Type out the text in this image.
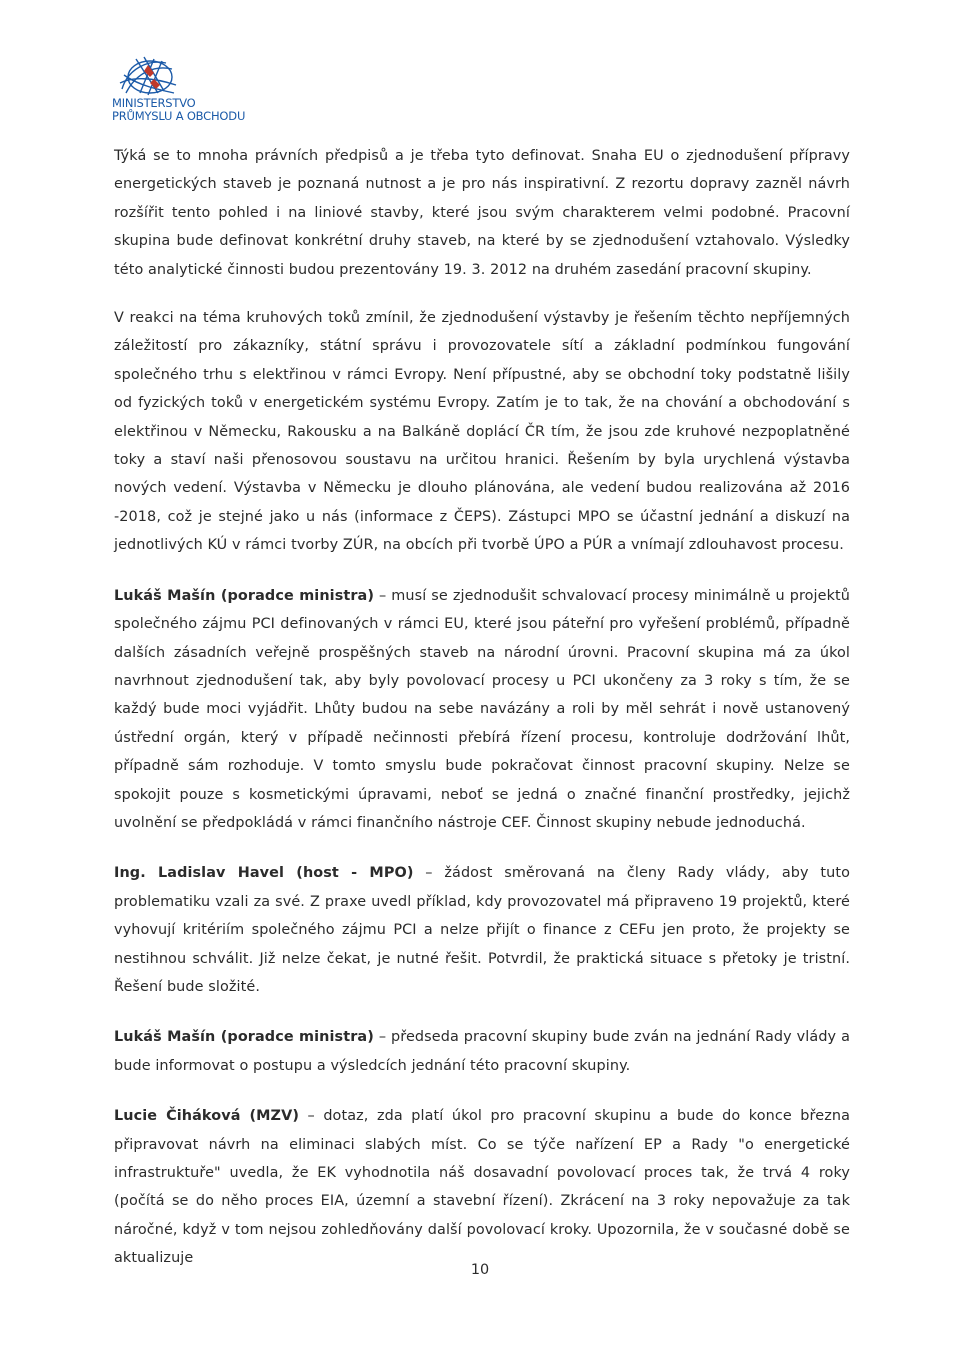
MINISTERSTVO
PRŮMYSLU A OBCHODU

Týká se to mnoha právních předpisů a je třeba tyto definovat. Snaha EU o zjednodušení přípravy energetických staveb je poznaná nutnost a je pro nás inspirativní. Z rezortu dopravy zazněl návrh rozšířit tento pohled i na liniové stavby, které jsou svým charakterem velmi podobné. Pracovní skupina bude definovat konkrétní druhy staveb, na které by se zjednodušení vztahovalo. Výsledky této analytické činnosti budou prezentovány 19. 3. 2012 na druhém zasedání pracovní skupiny.

V reakci na téma kruhových toků zmínil, že zjednodušení výstavby je řešením těchto nepříjemných záležitostí pro zákazníky, státní správu i provozovatele sítí a základní podmínkou fungování společného trhu s elektřinou v rámci Evropy. Není přípustné, aby se obchodní toky podstatně lišily od fyzických toků v energetickém systému Evropy. Zatím je to tak, že na chování a obchodování s elektřinou v Německu, Rakousku a na Balkáně doplácí ČR tím, že jsou zde kruhové nezpoplatněné toky a staví naši přenosovou soustavu na určitou hranici. Řešením by byla urychlená výstavba nových vedení. Výstavba v Německu je dlouho plánována, ale vedení budou realizována až 2016 -2018, což je stejné jako u nás (informace z ČEPS). Zástupci MPO se účastní jednání a diskuzí na jednotlivých KÚ v rámci tvorby ZÚR, na obcích při tvorbě ÚPO a PÚR a vnímají zdlouhavost procesu.

Lukáš Mašín (poradce ministra) – musí se zjednodušit schvalovací procesy minimálně u projektů společného zájmu PCI definovaných v rámci EU, které jsou páteřní pro vyřešení problémů, případně dalších zásadních veřejně prospěšných staveb na národní úrovni. Pracovní skupina má za úkol navrhnout zjednodušení tak, aby byly povolovací procesy u PCI ukončeny za 3 roky s tím, že se každý bude moci vyjádřit. Lhůty budou na sebe navázány a roli by měl sehrát i nově ustanovený ústřední orgán, který v případě nečinnosti přebírá řízení procesu, kontroluje dodržování lhůt, případně sám rozhoduje. V tomto smyslu bude pokračovat činnost pracovní skupiny. Nelze se spokojit pouze s kosmetickými úpravami, neboť se jedná o značné finanční prostředky, jejichž uvolnění se předpokládá v rámci finančního nástroje CEF. Činnost skupiny nebude jednoduchá.

Ing. Ladislav Havel (host - MPO) – žádost směrovaná na členy Rady vlády, aby tuto problematiku vzali za své. Z praxe uvedl příklad, kdy provozovatel má připraveno 19 projektů, které vyhovují kritériím společného zájmu PCI a nelze přijít o finance z CEFu jen proto, že projekty se nestihnou schválit. Již nelze čekat, je nutné řešit. Potvrdil, že praktická situace s přetoky je tristní. Řešení bude složité.

Lukáš Mašín (poradce ministra) – předseda pracovní skupiny bude zván na jednání Rady vlády a bude informovat o postupu a výsledcích jednání této pracovní skupiny.

Lucie Čiháková (MZV) – dotaz, zda platí úkol pro pracovní skupinu a bude do konce března připravovat návrh na eliminaci slabých míst. Co se týče nařízení EP a Rady "o energetické infrastruktuře" uvedla, že EK vyhodnotila náš dosavadní povolovací proces tak, že trvá 4 roky (počítá se do něho proces EIA, územní a stavební řízení). Zkrácení na 3 roky nepovažuje za tak náročné, když v tom nejsou zohledňovány další povolovací kroky. Upozornila, že v současné době se aktualizuje

10
